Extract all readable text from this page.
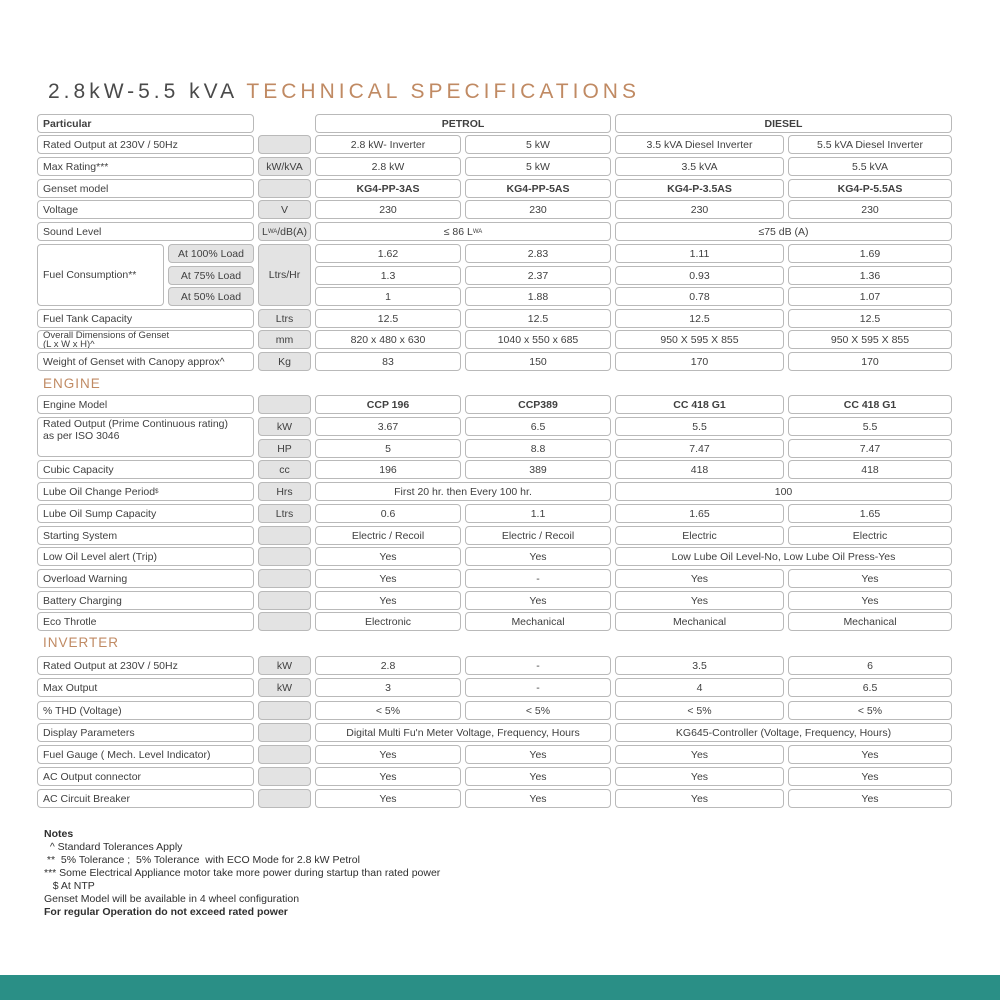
2.8kW-5.5 kVA TECHNICAL SPECIFICATIONS
Particular	PETROL	DIESEL
Rated Output at 230V / 50Hz	2.8 kW- Inverter	5 kW	3.5 kVA Diesel Inverter	5.5 kVA Diesel Inverter
Max Rating***	kW/kVA	2.8 kW	5 kW	3.5 kVA	5.5 kVA
Genset model	KG4-PP-3AS	KG4-PP-5AS	KG4-P-3.5AS	KG4-P-5.5AS
Voltage	V	230	230	230	230
Sound Level	L WA /dB(A)	≤ 86 L WA	≤75 dB (A)
Fuel Consumption**	Ltrs/Hr
At 100% Load	1.62	2.83	1.11	1.69
At 75% Load	1.3	2.37	0.93	1.36
At 50% Load	1	1.88	0.78	1.07
Fuel Tank Capacity	Ltrs	12.5	12.5	12.5	12.5
Overall Dimensions of Genset
(L x W x H)^	mm	820 x 480 x 630	1040 x 550 x 685	950 X 595 X 855	950 X 595 X 855
Weight of Genset with Canopy approx^	Kg	83	150	170	170
ENGINE
Engine Model	CCP 196	CCP389	CC 418 G1	CC 418 G1
Rated Output (Prime Continuous rating)
as per ISO 3046
kW	3.67	6.5	5.5	5.5
HP	5	8.8	7.47	7.47
Cubic Capacity	cc	196	389	418	418
Lube Oil Change Period $	Hrs	First 20 hr. then Every 100 hr.	100
Lube Oil Sump Capacity	Ltrs	0.6	1.1	1.65	1.65
Starting System	Electric / Recoil	Electric / Recoil	Electric	Electric
Low Oil Level alert (Trip)	Yes	Yes	Low Lube Oil Level-No, Low Lube Oil Press-Yes
Overload Warning	Yes	-	Yes	Yes
Battery Charging	Yes	Yes	Yes	Yes
Eco Throtle	Electronic	Mechanical	Mechanical	Mechanical
INVERTER
Rated Output at 230V / 50Hz	kW	2.8	-	3.5	6
Max Output	kW	3	-	4	6.5
% THD (Voltage)	< 5%	< 5%	< 5%	< 5%
Display Parameters	Digital Multi Fu'n Meter Voltage, Frequency, Hours	KG645-Controller (Voltage, Frequency, Hours)
Fuel Gauge ( Mech. Level Indicator)	Yes	Yes	Yes	Yes
AC Output connector	Yes	Yes	Yes	Yes
AC Circuit Breaker	Yes	Yes	Yes	Yes
Notes
^ Standard Tolerances Apply
**  5% Tolerance ;  5% Tolerance  with ECO Mode for 2.8 kW Petrol
*** Some Electrical Appliance motor take more power during startup than rated power
$ At NTP
Genset Model will be available in 4 wheel configuration
For regular Operation do not exceed rated power
